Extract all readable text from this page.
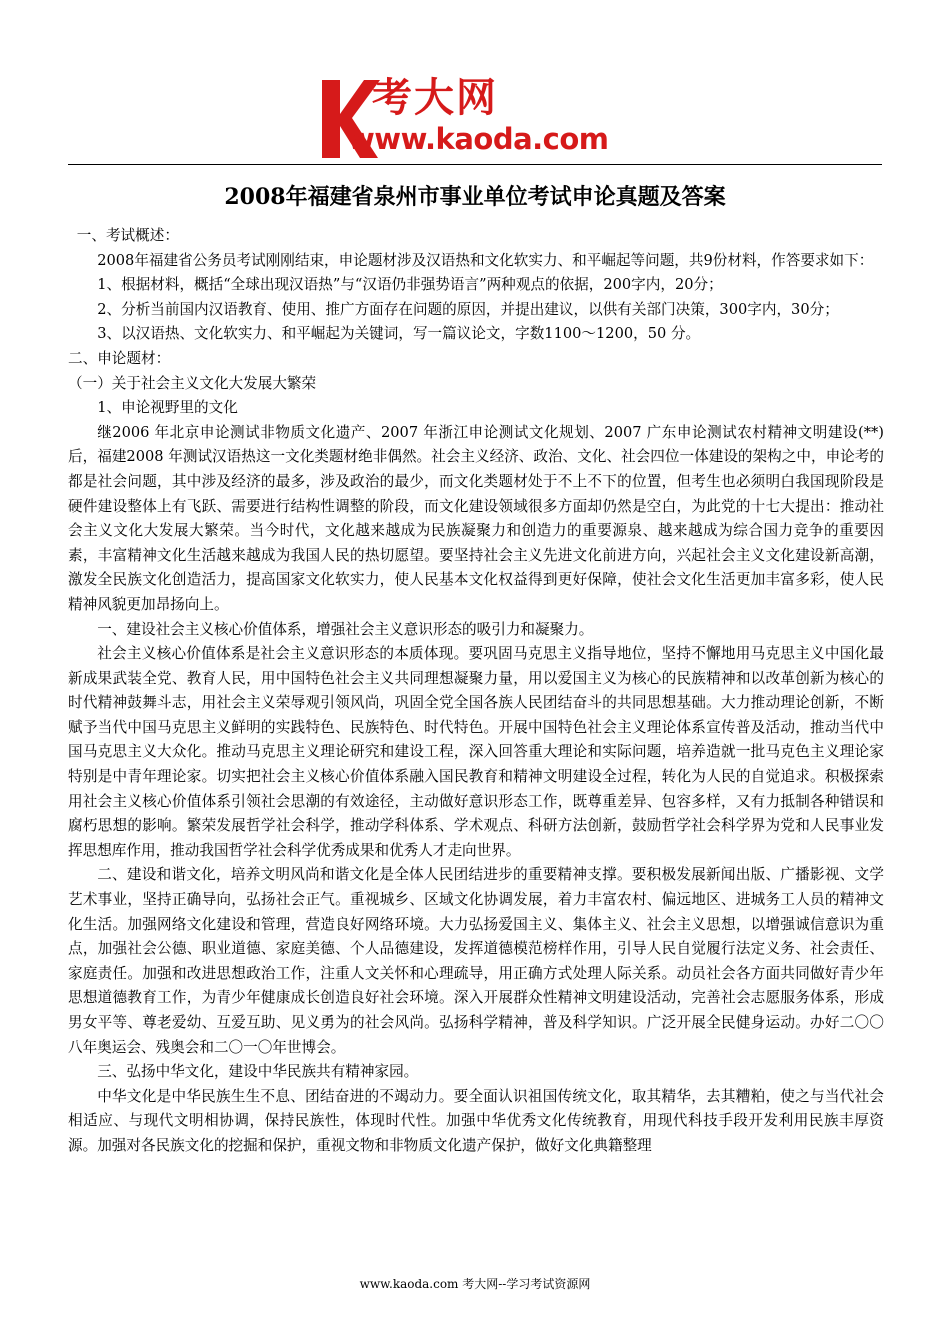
考大网
www.kaoda.com
2008年福建省泉州市事业单位考试申论真题及答案

一、考试概述：

2008年福建省公务员考试刚刚结束，申论题材涉及汉语热和文化软实力、和平崛起等问题，共9份材料，作答要求如下：

1、根据材料，概括“全球出现汉语热”与“汉语仍非强势语言”两种观点的依据，200字内，20分；

2、分析当前国内汉语教育、使用、推广方面存在问题的原因，并提出建议，以供有关部门决策，300字内，30分；

3、以汉语热、文化软实力、和平崛起为关键词，写一篇议论文，字数1100～1200，50 分。

二、申论题材：

（一）关于社会主义文化大发展大繁荣

1、申论视野里的文化

继2006 年北京申论测试非物质文化遗产、2007 年浙江申论测试文化规划、2007 广东申论测试农村精神文明建设(**)后，福建2008 年测试汉语热这一文化类题材绝非偶然。社会主义经济、政治、文化、社会四位一体建设的架构之中，申论考的都是社会问题，其中涉及经济的最多，涉及政治的最少，而文化类题材处于不上不下的位置，但考生也必须明白我国现阶段是硬件建设整体上有飞跃、需要进行结构性调整的阶段，而文化建设领域很多方面却仍然是空白，为此党的十七大提出：推动社会主义文化大发展大繁荣。当今时代，文化越来越成为民族凝聚力和创造力的重要源泉、越来越成为综合国力竞争的重要因素，丰富精神文化生活越来越成为我国人民的热切愿望。要坚持社会主义先进文化前进方向，兴起社会主义文化建设新高潮，激发全民族文化创造活力，提高国家文化软实力，使人民基本文化权益得到更好保障，使社会文化生活更加丰富多彩，使人民精神风貌更加昂扬向上。

一、建设社会主义核心价值体系，增强社会主义意识形态的吸引力和凝聚力。

社会主义核心价值体系是社会主义意识形态的本质体现。要巩固马克思主义指导地位，坚持不懈地用马克思主义中国化最新成果武装全党、教育人民，用中国特色社会主义共同理想凝聚力量，用以爱国主义为核心的民族精神和以改革创新为核心的时代精神鼓舞斗志，用社会主义荣辱观引领风尚，巩固全党全国各族人民团结奋斗的共同思想基础。大力推动理论创新，不断赋予当代中国马克思主义鲜明的实践特色、民族特色、时代特色。开展中国特色社会主义理论体系宣传普及活动，推动当代中国马克思主义大众化。推动马克思主义理论研究和建设工程，深入回答重大理论和实际问题，培养造就一批马克色主义理论家特别是中青年理论家。切实把社会主义核心价值体系融入国民教育和精神文明建设全过程，转化为人民的自觉追求。积极探索用社会主义核心价值体系引领社会思潮的有效途径，主动做好意识形态工作，既尊重差异、包容多样，又有力抵制各种错误和腐朽思想的影响。繁荣发展哲学社会科学，推动学科体系、学术观点、科研方法创新，鼓励哲学社会科学界为党和人民事业发挥思想库作用，推动我国哲学社会科学优秀成果和优秀人才走向世界。

二、建设和谐文化，培养文明风尚和谐文化是全体人民团结进步的重要精神支撑。要积极发展新闻出版、广播影视、文学艺术事业，坚持正确导向，弘扬社会正气。重视城乡、区域文化协调发展，着力丰富农村、偏远地区、进城务工人员的精神文化生活。加强网络文化建设和管理，营造良好网络环境。大力弘扬爱国主义、集体主义、社会主义思想，以增强诚信意识为重点，加强社会公德、职业道德、家庭美德、个人品德建设，发挥道德模范榜样作用，引导人民自觉履行法定义务、社会责任、家庭责任。加强和改进思想政治工作，注重人文关怀和心理疏导，用正确方式处理人际关系。动员社会各方面共同做好青少年思想道德教育工作，为青少年健康成长创造良好社会环境。深入开展群众性精神文明建设活动，完善社会志愿服务体系，形成男女平等、尊老爱幼、互爱互助、见义勇为的社会风尚。弘扬科学精神，普及科学知识。广泛开展全民健身运动。办好二〇〇八年奥运会、残奥会和二〇一〇年世博会。

三、弘扬中华文化，建设中华民族共有精神家园。

中华文化是中华民族生生不息、团结奋进的不竭动力。要全面认识祖国传统文化，取其精华，去其糟粕，使之与当代社会相适应、与现代文明相协调，保持民族性，体现时代性。加强中华优秀文化传统教育，用现代科技手段开发利用民族丰厚资源。加强对各民族文化的挖掘和保护，重视文物和非物质文化遗产保护，做好文化典籍整理

www.kaoda.com 考大网--学习考试资源网
